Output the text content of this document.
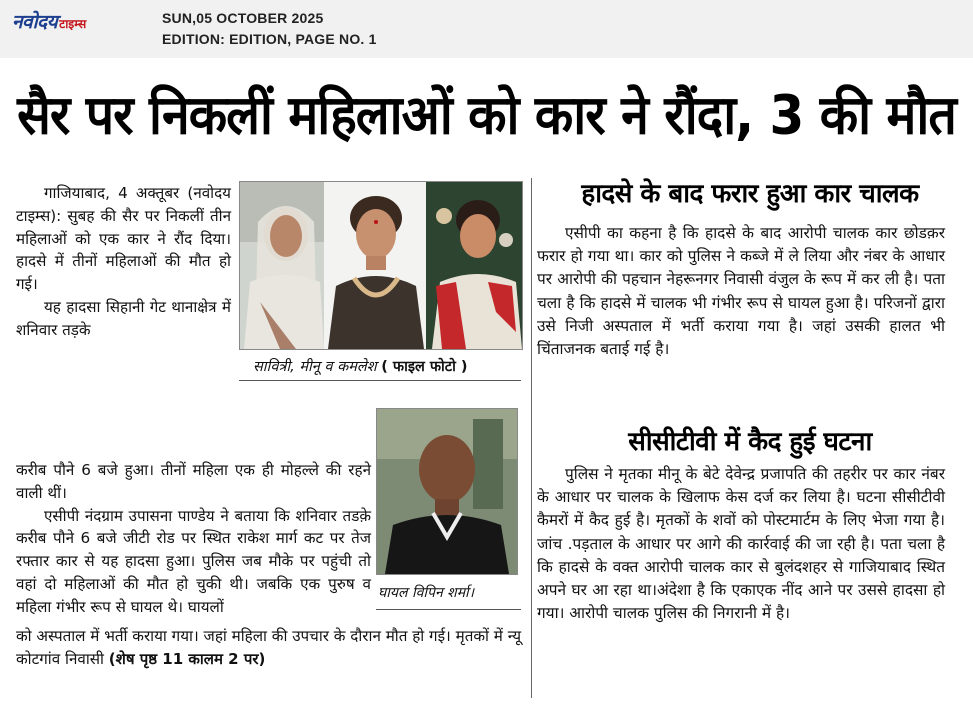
नवोदय टाइम्स	SUN,05 OCTOBER 2025
EDITION: EDITION, PAGE NO. 1
सैर पर निकलीं महिलाओं को कार ने रौंदा, 3 की मौत

गाजियाबाद, 4 अक्तूबर (नवोदय टाइम्स): सुबह की सैर पर निकलीं तीन महिलाओं को एक कार ने रौंद दिया। हादसे में तीनों महिलाओं की मौत हो गई।

यह हादसा सिहानी गेट थानाक्षेत्र में शनिवार तड़के

सावित्री, मीनू व कमलेश ( फाइल फोटो )

करीब पौने 6 बजे हुआ। तीनों महिला एक ही मोहल्ले की रहने वाली थीं।

एसीपी नंदग्राम उपासना पाण्डेय ने बताया कि शनिवार तडक़े करीब पौने 6 बजे जीटी रोड पर स्थित राकेश मार्ग कट पर तेज रफ्तार कार से यह हादसा हुआ। पुलिस जब मौके पर पहुंची तो वहां दो महिलाओं की मौत हो चुकी थी। जबकि एक पुरुष व महिला गंभीर रूप से घायल थे। घायलों

घायल विपिन शर्मा।

को अस्पताल में भर्ती कराया गया। जहां महिला की उपचार के दौरान मौत हो गई। मृतकों में न्यू कोटगांव निवासी (शेष पृष्ठ 11 कालम 2 पर)

हादसे के बाद फरार हुआ कार चालक

एसीपी का कहना है कि हादसे के बाद आरोपी चालक कार छोडक़र फरार हो गया था। कार को पुलिस ने कब्जे में ले लिया और नंबर के आधार पर आरोपी की पहचान नेहरूनगर निवासी वंजुल के रूप में कर ली है। पता चला है कि हादसे में चालक भी गंभीर रूप से घायल हुआ है। परिजनों द्वारा उसे निजी अस्पताल में भर्ती कराया गया है। जहां उसकी हालत भी चिंताजनक बताई गई है।

सीसीटीवी में कैद हुई घटना

पुलिस ने मृतका मीनू के बेटे देवेन्द्र प्रजापति की तहरीर पर कार नंबर के आधार पर चालक के खिलाफ केस दर्ज कर लिया है। घटना सीसीटीवी कैमरों में कैद हुई है। मृतकों के शवों को पोस्टमार्टम के लिए भेजा गया है। जांच .पड़ताल के आधार पर आगे की कार्रवाई की जा रही है। पता चला है कि हादसे के वक्त आरोपी चालक कार से बुलंदशहर से गाजियाबाद स्थित अपने घर आ रहा था।अंदेशा है कि एकाएक नींद आने पर उससे हादसा हो गया। आरोपी चालक पुलिस की निगरानी में है।
